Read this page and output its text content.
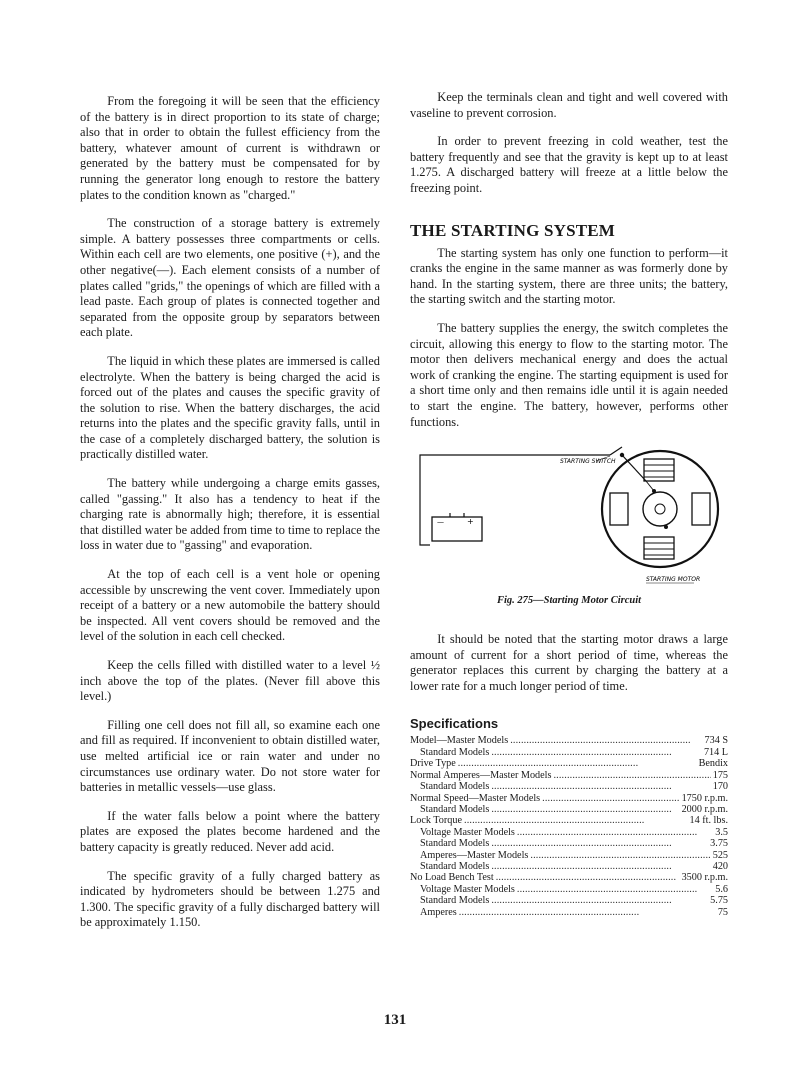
From the foregoing it will be seen that the efficiency of the battery is in direct proportion to its state of charge; also that in order to obtain the fullest efficiency from the battery, whatever amount of current is withdrawn or generated by the battery must be compensated for by running the generator long enough to restore the battery plates to the condition known as "charged."

The construction of a storage battery is extremely simple. A battery possesses three compartments or cells. Within each cell are two elements, one positive (+), and the other negative(—). Each element consists of a number of plates called "grids," the openings of which are filled with a lead paste. Each group of plates is connected together and separated from the opposite group by separators between each plate.

The liquid in which these plates are immersed is called electrolyte. When the battery is being charged the acid is forced out of the plates and causes the specific gravity of the solution to rise. When the battery discharges, the acid returns into the plates and the specific gravity falls, until in the case of a completely discharged battery, the solution is practically distilled water.

The battery while undergoing a charge emits gasses, called "gassing." It also has a tendency to heat if the charging rate is abnormally high; therefore, it is essential that distilled water be added from time to time to replace the loss in water due to "gassing" and evaporation.

At the top of each cell is a vent hole or opening accessible by unscrewing the vent cover. Immediately upon receipt of a battery or a new automobile the battery should be inspected. All vent covers should be removed and the level of the solution in each cell checked.

Keep the cells filled with distilled water to a level ½ inch above the top of the plates. (Never fill above this level.)

Filling one cell does not fill all, so examine each one and fill as required. If inconvenient to obtain distilled water, use melted artificial ice or rain water and under no circumstances use ordinary water. Do not store water for batteries in metallic vessels—use glass.

If the water falls below a point where the battery plates are exposed the plates become hardened and the battery capacity is greatly reduced. Never add acid.

The specific gravity of a fully charged battery as indicated by hydrometers should be between 1.275 and 1.300. The specific gravity of a fully discharged battery will be approximately 1.150.

Keep the terminals clean and tight and well covered with vaseline to prevent corrosion.

In order to prevent freezing in cold weather, test the battery frequently and see that the gravity is kept up to at least 1.275. A discharged battery will freeze at a little below the freezing point.

THE STARTING SYSTEM

The starting system has only one function to perform—it cranks the engine in the same manner as was formerly done by hand. In the starting system, there are three units; the battery, the starting switch and the starting motor.

The battery supplies the energy, the switch completes the circuit, allowing this energy to flow to the starting motor. The motor then delivers mechanical energy and does the actual work of cranking the engine. The starting equipment is used for a short time only and then remains idle until it is again needed to start the engine. The battery, however, performs other functions.

STARTING SWITCH
—	+
STARTING MOTOR
Fig. 275—Starting Motor Circuit

It should be noted that the starting motor draws a large amount of current for a short period of time, whereas the generator replaces this current by charging the battery at a lower rate for a much longer period of time.

Specifications
Model—Master Models . . .	734 S
Standard Models . . .	714 L
Drive Type . . .	Bendix
Normal Amperes—Master Models . . .	175
Standard Models . . .	170
Normal Speed—Master Models . . .	1750 r.p.m.
Standard Models . . .	2000 r.p.m.
Lock Torque . . .	14 ft. lbs.
Voltage Master Models . . .	3.5
Standard Models . . .	3.75
Amperes—Master Models . . .	525
Standard Models . . .	420
No Load Bench Test . . .	3500 r.p.m.
Voltage Master Models . . .	5.6
Standard Models . . .	5.75
Amperes . . .	75
131
